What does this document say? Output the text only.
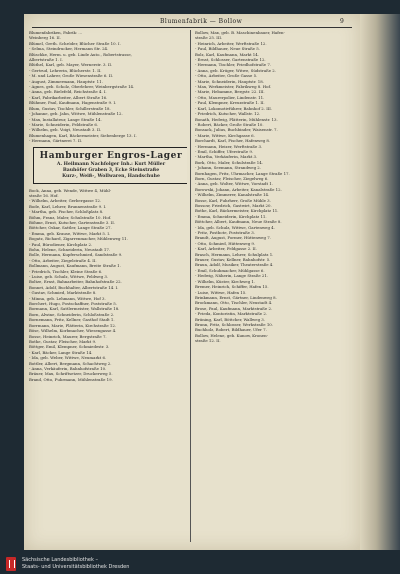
Blumenfabrik — Bollow	9

Blumenfabriken, Fabrik: ...

Weinberg 16. II.

Blümel, Greth. Schröder, Blücher Straße 10. I.

- Selma, Steindrucker, Hermann Str. 24.

Blüschke, Herm. u. geb. Linde Auto., Robertstrasse,

Albertstraße 1. I.

Blüthel, Karl, geb. Mayer, Wernerstr. 3. II.

- Gertrud, Lehrerin, Blücherstr. 1. II.

- M. und Lahrer, Große Wiesenstraße 6. II.

- August, Zimmermann, Hauptstr. 11.

- Agnes, geb. Scholz, Oberlehrer, Weinbergstraße 14.

- Anna, geb. Bielefeld, Reichstraße 4. I.

- Karl, Fabrikarbeiter, Albert Straße 16.

Blühmer, Paul, Kaufmann, Hagenstraße 9. I.

Blum, Gustav, Tischler, Schillerstraße 18.

- Johanne, geb. Jahn, Wittwe, Mühlenstraße 12.

- Max, Installateur, Lange Straße 14.

- Marie, Schneiderin, Feldstraße 6.

- Wilhelm, geb. Voigt, Neustadt 3. II.

Blumenhagen, Karl, Bäckermeister, Siebenberge 13. I.

- Hermann, Gärtnerei 7. II.

Hamburger Engros-Lager
A. Heilmann Nachfolger Inh.: Kurt Müller
Bauhöfer Graben 3, Ecke Steinstraße
Kurz-, Weiß-, Wollwaren, Handschuhe

Bock, Anna, geb. Wende, Wittwe 4, Mühl-

straße 16. Hof.

- Wilhelm, Arbeiter, Gerbergasse 12.

Bode, Karl, Lehrer, Brunnenstraße 9. I.

- Martha, geb. Fischer, Schloßplatz 8.

Böhm, Franz, Maler, Schulstraße 10. Hof.

Böhme, Ernst, Kutscher, Gartenstraße 3. II.

Böttcher, Oskar, Sattler, Lange Straße 27.

- Emma, geb. Krause, Wittwe, Markt 5. I.

Bogatz, Richard, Zigarrenmacher, Mühlenweg 11.

- Paul, Bürodiener, Kirchplatz 2.

Bohn, Helene, Schneiderin, Neustadt 17.

Bolle, Hermann, Kupferschmied, Sandstraße 9.

- Otto, Arbeiter, Ziegelstraße 4. II.

Bollmann, August, Kaufmann, Breite Straße 1.

- Friedrich, Tischler, Kleine Straße 6.

- Luise, geb. Schulz, Wittwe, Feldweg 3.

Boltze, Ernst, Bahnarbeiter, Bahnhofstraße 22.

Bonnet, Adolf, Buchhalter, Albertstraße 14. I.

- Gustav, Schmied, Marktstraße 8.

- Minna, geb. Lehmann, Wittwe, Hof 3.

Borchert, Hugo, Postschaffner, Poststraße 5.

Bormann, Karl, Sattlermeister, Wallstraße 18.

Born, Alwine, Schneiderin, Schloßstraße 2.

Bornemann, Fritz, Kellner, Gasthof Stadt 1.

Borrmann, Marie, Plätterin, Kirchstraße 12.

Böse, Wilhelm, Korbmacher, Wiesengasse 4.

Bosse, Heinrich, Maurer, Bergstraße 7.

Bothe, Gustav, Fleischer, Markt 9.

Böttger, Emil, Klempner, Schmiedestr. 3.

- Karl, Bäcker, Lange Straße 14.

- Ida, geb. Weber, Wittwe, Neumarkt 6.

Bottler, Albert, Bergmann, Schachtweg 2.

- Anna, Verkäuferin, Bahnhofstraße 10.

Bräuer, Max, Schriftsetzer, Druckerweg 5.

Brand, Otto, Fuhrmann, Mühlenstraße 19.

Bollow, Max, geb. B. Maschinenbauer, Hafen-

straße 25. III.

- Heinrich, Arbeiter, Werftstraße 12.

- Paul, Bildhauer, Neue Straße 5.

Bolz, Karl, Kaufmann, Markt 14.

- Ernst, Schlosser, Gartenstraße 12.

- Hermann, Tischler, Friedhofstraße 7.

- Anna, geb. Krüger, Witwe, Südstraße 2.

- Otto, Arbeiter, Große Gasse 5.

- Marie, Schneiderin, Hauptstr. 18.

- Max, Werkmeister, Fabrikweg 8. Hof.

- Marie, Hebamme, Bergstr. 22. III.

- Otto, Maurerpolier, Lindenstr. 11.

- Paul, Klempner, Kreuzstraße 1. II.

- Karl, Lokomotivführer, Bahnhof 2. III.

- Friedrich, Kutscher, Wallstr. 12.

Bonath, Hedwig, Plätterin, Mühlenstr. 13.

- Robert, Bäcker, Große Straße 10.

Bonsack, Julius, Buchbinder, Waisenstr. 7.

- Marie, Wittwe, Kirchgasse 6.

Borchardt, Karl, Fischer, Hafenweg 8.

- Hermann, Heizer, Werftstraße 3.

- Emil, Schiffer, Uferstraße 9.

- Martha, Verkäuferin, Markt 3.

Bork, Otto, Maler, Schulstraße 14.

- Johann, Seemann, Strandweg 2.

Bornhagen, Fritz, Uhrmacher, Lange Straße 17.

Born, Gustav, Fleischer, Ziegelweg 6.

- Anna, geb. Wolter, Wittwe, Vorstadt 1.

Borowski, Johann, Arbeiter, Kanalstraße 12.

- Wilhelm, Zimmerer, Kanalstraße 14.

Bosse, Karl, Fuhrherr, Große Mühle 3.

Bossow, Friedrich, Gastwirt, Markt 20.

Bothe, Karl, Bäckermeister, Kirchplatz 11.

- Emma, Schneiderin, Kirchplatz 11.

Böttcher, Albert, Kaufmann, Neue Straße 8.

- Ida, geb. Schulz, Wittwe, Gartenweg 4.

- Fritz, Postbote, Poststraße 3.

Brandt, August, Former, Hüttenweg 7.

- Otto, Schmied, Hüttenweg 9.

- Karl, Arbeiter, Feldgasse 2. II.

Brasch, Hermann, Lehrer, Schulplatz 1.

Brauer, Gustav, Kellner, Bahnhofstr. 5.

Braun, Adolf, Musiker, Theaterstraße 4.

- Emil, Schuhmacher, Mühlgasse 6.

- Hedwig, Näherin, Lange Straße 21.

- Wilhelm, Küster, Kirchweg 1.

Bremer, Heinrich, Schiffer, Hafen 15.

- Luise, Wittwe, Hafen 15.

Brinkmann, Ernst, Gärtner, Lindenweg 8.

Brockmann, Otto, Tischler, Neustadt 4.

Brose, Paul, Kaufmann, Marktstraße 2.

- Frieda, Kontoristin, Marktstraße 2.

Brüning, Karl, Böttcher, Wallweg 3.

Brunn, Fritz, Schlosser, Werkstraße 10.

Buchholz, Robert, Bildhauer, Ufer 7.

Bollow, Helene, geb. Kunow, Kronen-

straße 12. II.

Sächsische Landesbibliothek –
Staats- und Universitätsbibliothek Dresden
